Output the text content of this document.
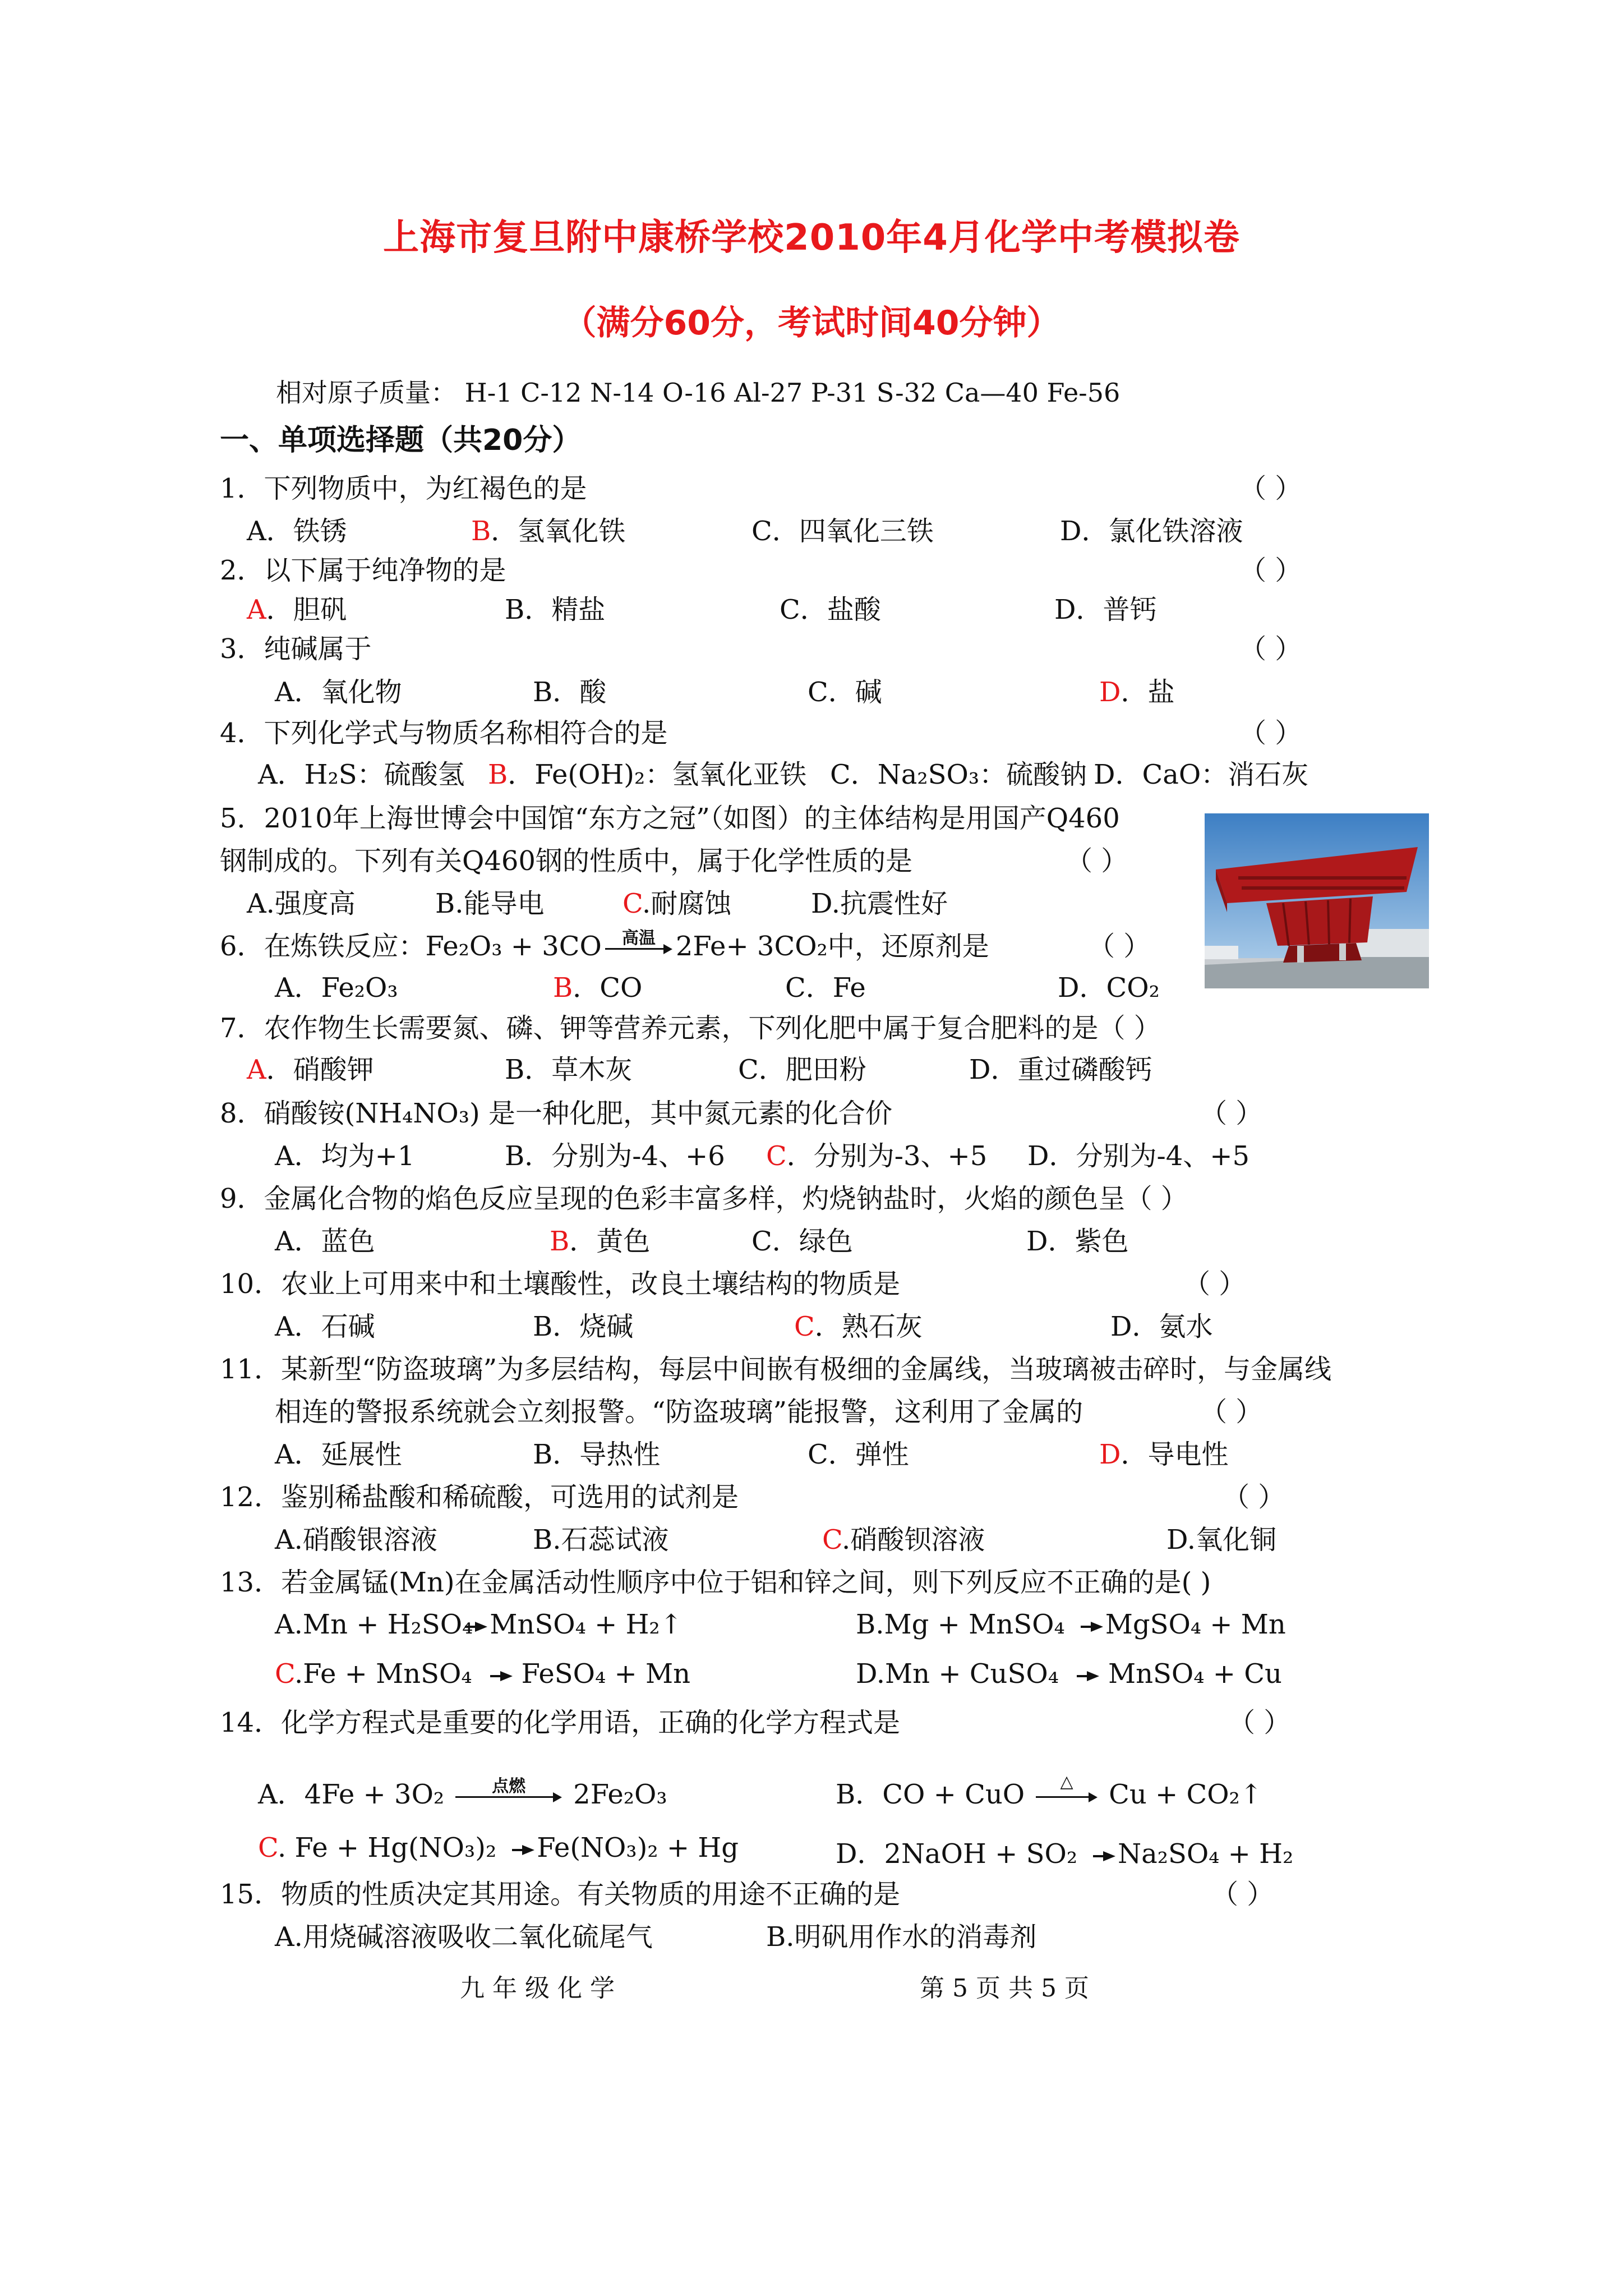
上海市复旦附中康桥学校2010年4月化学中考模拟卷
（满分60分，考试时间40分钟）
相对原子质量： H-1 C-12 N-14 O-16 Al-27 P-31 S-32 Ca—40 Fe-56
一、单项选择题（共20分）
1．下列物质中，为红褐色的是	（ ）
A．铁锈	B．氢氧化铁	C．四氧化三铁	D．氯化铁溶液
2．以下属于纯净物的是	（ ）
A．胆矾	B．精盐	C．盐酸	D．普钙
3．纯碱属于	（ ）
A．氧化物	B．酸	C．碱	D．盐
4．下列化学式与物质名称相符合的是	（ ）
A．H₂S：硫酸氢 B．Fe(OH)₂：氢氧化亚铁 C．Na₂SO₃：硫酸钠 D．CaO：消石灰
5．2010年上海世博会中国馆“东方之冠”（如图）的主体结构是用国产Q460
钢制成的。下列有关Q460钢的性质中，属于化学性质的是	（ ）
A.强度高	B.能导电	C.耐腐蚀	D.抗震性好
6．在炼铁反应：Fe₂O₃ + 3CO	高温 2Fe+ 3CO₂中，还原剂是	（ ）
A．Fe₂O₃	B．CO	C．Fe	D．CO₂
7．农作物生长需要氮、磷、钾等营养元素，下列化肥中属于复合肥料的是（ ）
A．硝酸钾	B．草木灰	C．肥田粉	D．重过磷酸钙
8．硝酸铵(NH₄NO₃) 是一种化肥，其中氮元素的化合价	（ ）
A．均为+1	B．分别为-4、+6 C．分别为-3、+5 D．分别为-4、+5
9．金属化合物的焰色反应呈现的色彩丰富多样，灼烧钠盐时，火焰的颜色呈（ ）
A．蓝色	B．黄色	C．绿色	D．紫色
10．农业上可用来中和土壤酸性，改良土壤结构的物质是	（ ）
A．石碱	B．烧碱	C．熟石灰	D．氨水
11．某新型“防盗玻璃”为多层结构，每层中间嵌有极细的金属线，当玻璃被击碎时，与金属线
相连的警报系统就会立刻报警。“防盗玻璃”能报警，这利用了金属的	（ ）
A．延展性	B．导热性	C．弹性	D．导电性
12．鉴别稀盐酸和稀硫酸，可选用的试剂是	（ ）
A.硝酸银溶液	B.石蕊试液	C.硝酸钡溶液	D.氧化铜
13．若金属锰(Mn)在金属活动性顺序中位于铝和锌之间，则下列反应不正确的是( )
A.Mn + H₂SO₄ MnSO₄ + H₂↑	B.Mg + MnSO₄ MgSO₄ + Mn
C.Fe + MnSO₄ FeSO₄ + Mn	D.Mn + CuSO₄ MnSO₄ + Cu
14．化学方程式是重要的化学用语，正确的化学方程式是	（ ）
A．4Fe + 3O₂	点燃	2Fe₂O₃	B．CO + CuO	△	Cu + CO₂↑
C. Fe + Hg(NO₃)₂ Fe(NO₃)₂ + Hg	D．2NaOH + SO₂ Na₂SO₄ + H₂
15．物质的性质决定其用途。有关物质的用途不正确的是	（ ）
A.用烧碱溶液吸收二氧化硫尾气	B.明矾用作水的消毒剂
九 年 级 化 学	第 5 页 共 5 页
